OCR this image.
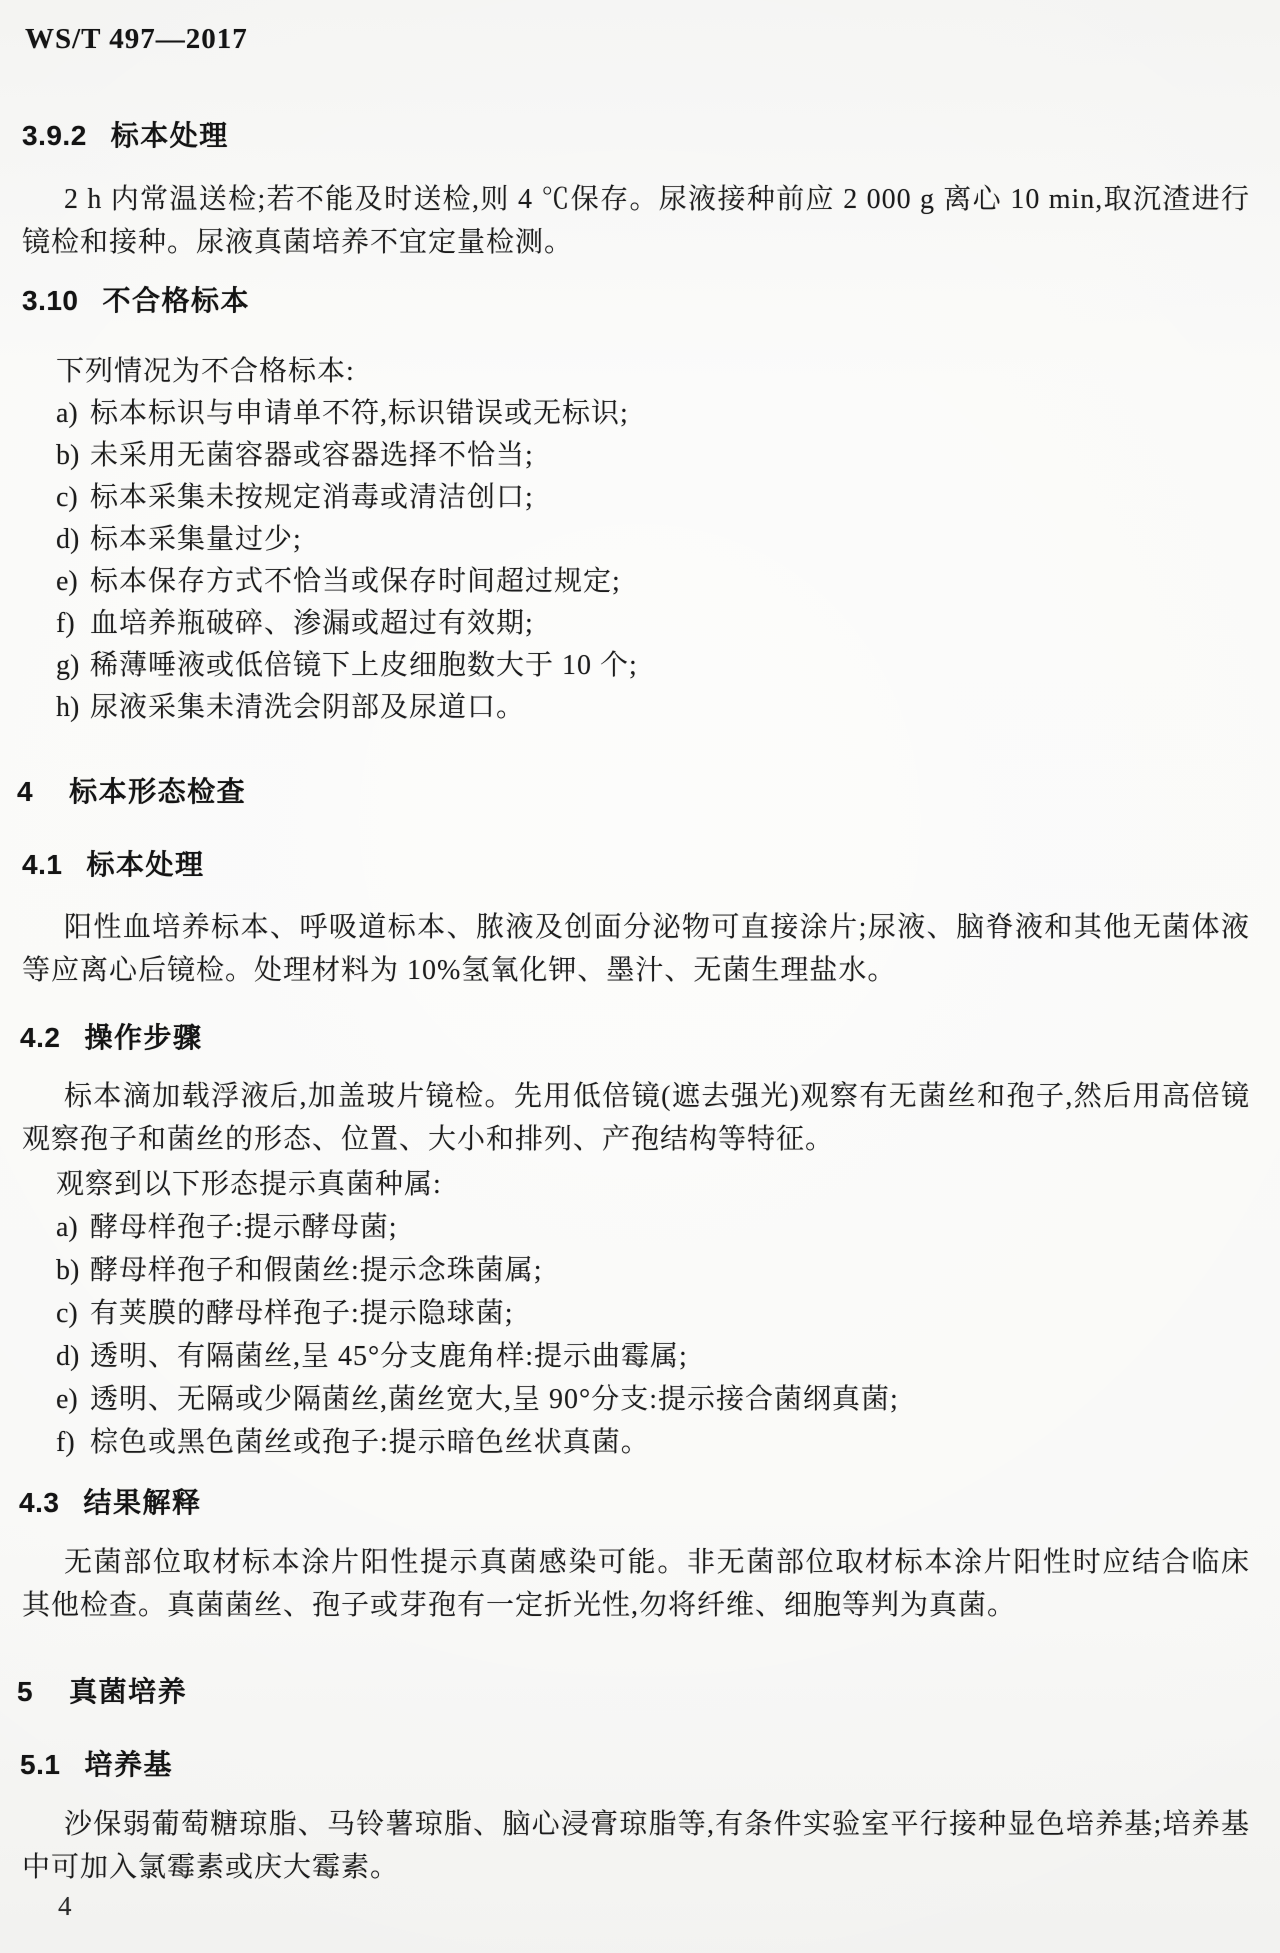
WS/T 497—2017
3.9.2 标本处理
2 h 内常温送检;若不能及时送检,则 4 ℃保存。尿液接种前应 2 000 g 离心 10 min,取沉渣进行镜检和接种。尿液真菌培养不宜定量检测。
3.10 不合格标本
下列情况为不合格标本:
a) 标本标识与申请单不符,标识错误或无标识;
b) 未采用无菌容器或容器选择不恰当;
c) 标本采集未按规定消毒或清洁创口;
d) 标本采集量过少;
e) 标本保存方式不恰当或保存时间超过规定;
f) 血培养瓶破碎、渗漏或超过有效期;
g) 稀薄唾液或低倍镜下上皮细胞数大于 10 个;
h) 尿液采集未清洗会阴部及尿道口。
4 标本形态检查
4.1 标本处理
阳性血培养标本、呼吸道标本、脓液及创面分泌物可直接涂片;尿液、脑脊液和其他无菌体液等应离心后镜检。处理材料为 10%氢氧化钾、墨汁、无菌生理盐水。
4.2 操作步骤
标本滴加载浮液后,加盖玻片镜检。先用低倍镜(遮去强光)观察有无菌丝和孢子,然后用高倍镜观察孢子和菌丝的形态、位置、大小和排列、产孢结构等特征。
观察到以下形态提示真菌种属:
a) 酵母样孢子:提示酵母菌;
b) 酵母样孢子和假菌丝:提示念珠菌属;
c) 有荚膜的酵母样孢子:提示隐球菌;
d) 透明、有隔菌丝,呈 45°分支鹿角样:提示曲霉属;
e) 透明、无隔或少隔菌丝,菌丝宽大,呈 90°分支:提示接合菌纲真菌;
f) 棕色或黑色菌丝或孢子:提示暗色丝状真菌。
4.3 结果解释
无菌部位取材标本涂片阳性提示真菌感染可能。非无菌部位取材标本涂片阳性时应结合临床其他检查。真菌菌丝、孢子或芽孢有一定折光性,勿将纤维、细胞等判为真菌。
5 真菌培养
5.1 培养基
沙保弱葡萄糖琼脂、马铃薯琼脂、脑心浸膏琼脂等,有条件实验室平行接种显色培养基;培养基中可加入氯霉素或庆大霉素。
4
